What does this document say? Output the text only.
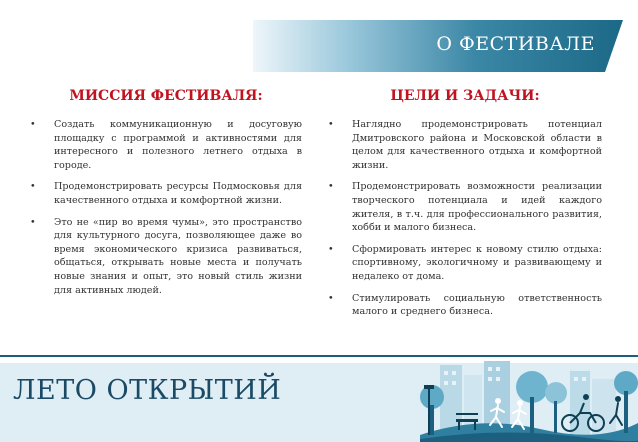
О ФЕСТИВАЛЕ
МИССИЯ ФЕСТИВАЛЯ:
• Создать коммуникационную и досуговую площадку с программой и активностями для интересного и полезного летнего отдыха в городе.
• Продемонстрировать ресурсы Подмосковья для качественного отдыха и комфортной жизни.
• Это не «пир во время чумы», это пространство для культурного досуга, позволяющее даже во время экономического кризиса развиваться, общаться, открывать новые места и получать новые знания и опыт, это новый стиль жизни для активных людей.
ЦЕЛИ И ЗАДАЧИ:
• Наглядно продемонстрировать потенциал Дмитровского района и Московской области в целом для качественного отдыха и комфортной жизни.
• Продемонстрировать возможности реализации творческого потенциала и идей каждого жителя, в т.ч. для профессионального развития, хобби и малого бизнеса.
• Сформировать интерес к новому стилю отдыха: спортивному, экологичному и развивающему и недалеко от дома.
• Стимулировать социальную ответственность малого и среднего бизнеса.
ЛЕТО ОТКРЫТИЙ
